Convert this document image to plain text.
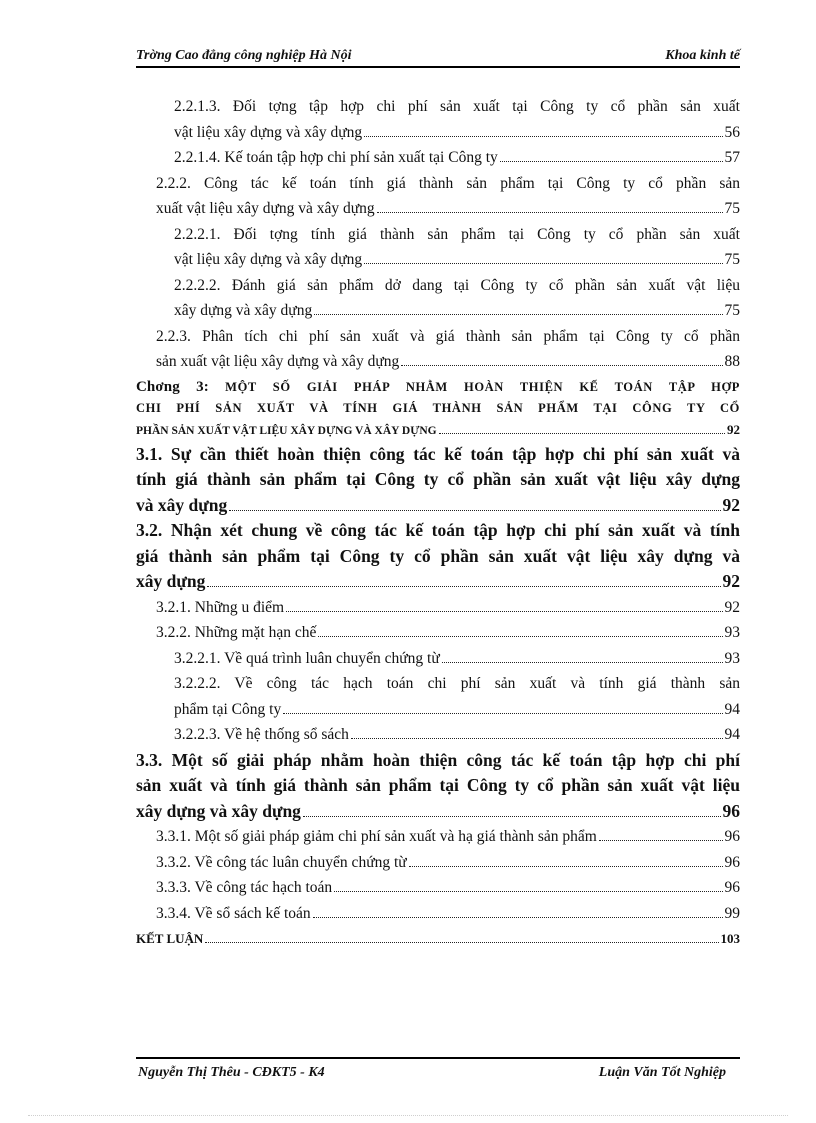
Trờng Cao đẳng công nghiệp Hà Nội	Khoa kinh tế
2.2.1.3. Đối tợng tập hợp chi phí sản xuất tại Công ty cổ phần sản xuất
vật liệu xây dựng và xây dựng	56
2.2.1.4. Kế toán tập hợp chi phí sản xuất tại Công ty	57
2.2.2. Công tác kế toán tính giá thành sản phẩm tại Công ty cổ phần sản
xuất vật liệu xây dựng và xây dựng	75
2.2.2.1. Đối tợng tính giá thành sản phẩm tại Công ty cổ phần sản xuất
vật liệu xây dựng và xây dựng	75
2.2.2.2. Đánh giá sản phẩm dở dang tại Công ty cổ phần sản xuất vật liệu
xây dựng và xây dựng	75
2.2.3. Phân tích chi phí sản xuất và giá thành sản phẩm tại Công ty cổ phần
sản xuất vật liệu xây dựng và xây dựng	88
Chơng 3: MỘT SỐ GIẢI PHÁP NHẰM HOÀN THIỆN KẾ TOÁN TẬP HỢP
CHI PHÍ SẢN XUẤT VÀ TÍNH GIÁ THÀNH SẢN PHẨM TẠI CÔNG TY CỔ
PHẦN SẢN XUẤT VẬT LIỆU XÂY DỰNG VÀ XÂY DỰNG	92
3.1. Sự cần thiết hoàn thiện công tác kế toán tập hợp chi phí sản xuất và
tính giá thành sản phẩm tại Công ty cổ phần sản xuất vật liệu xây dựng
và xây dựng	92
3.2. Nhận xét chung về công tác kế toán tập hợp chi phí sản xuất và tính
giá thành sản phẩm tại Công ty cổ phần sản xuất vật liệu xây dựng và
xây dựng	92
3.2.1. Những u điểm	92
3.2.2. Những mặt hạn chế	93
3.2.2.1. Về quá trình luân chuyển chứng từ	93
3.2.2.2. Về công tác hạch toán chi phí sản xuất và tính giá thành sản
phẩm tại Công ty	94
3.2.2.3. Về hệ thống sổ sách	94
3.3. Một số giải pháp nhằm hoàn thiện công tác kế toán tập hợp chi phí
sản xuất và tính giá thành sản phẩm tại Công ty cổ phần sản xuất vật liệu
xây dựng và xây dựng	96
3.3.1. Một số giải pháp giảm chi phí sản xuất và hạ giá thành sản phẩm	96
3.3.2. Về công tác luân chuyển chứng từ	96
3.3.3. Về công tác hạch toán	96
3.3.4. Về sổ sách kế toán	99
KẾT LUẬN	103
Nguyễn Thị Thêu - CĐKT5 - K4	Luận Văn Tốt Nghiệp
